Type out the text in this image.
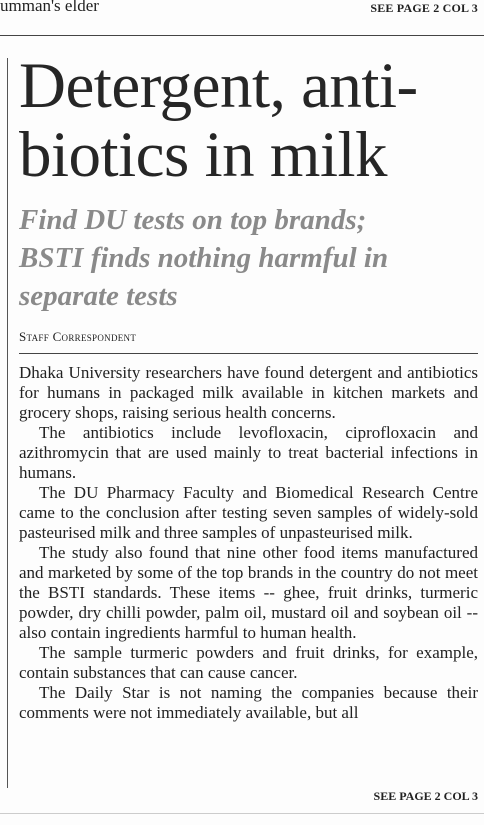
umman's elder	SEE PAGE 2 COL 3
Detergent, anti-
biotics in milk
Find DU tests on top brands;
BSTI finds nothing harmful in
separate tests
Staff Correspondent

Dhaka University researchers have found detergent and antibiotics for humans in packaged milk available in kitchen markets and grocery shops, raising serious health concerns.

The antibiotics include levofloxacin, ciprofloxacin and azithromycin that are used mainly to treat bacterial infections in humans.

The DU Pharmacy Faculty and Biomedical Research Centre came to the conclusion after testing seven samples of widely-sold pasteurised milk and three samples of unpasteurised milk.

The study also found that nine other food items manufactured and marketed by some of the top brands in the country do not meet the BSTI standards. These items -- ghee, fruit drinks, turmeric powder, dry chilli powder, palm oil, mustard oil and soybean oil -- also contain ingredients harmful to human health.

The sample turmeric powders and fruit drinks, for example, contain substances that can cause cancer.

The Daily Star is not naming the companies because their comments were not immediately available, but all

SEE PAGE 2 COL 3
